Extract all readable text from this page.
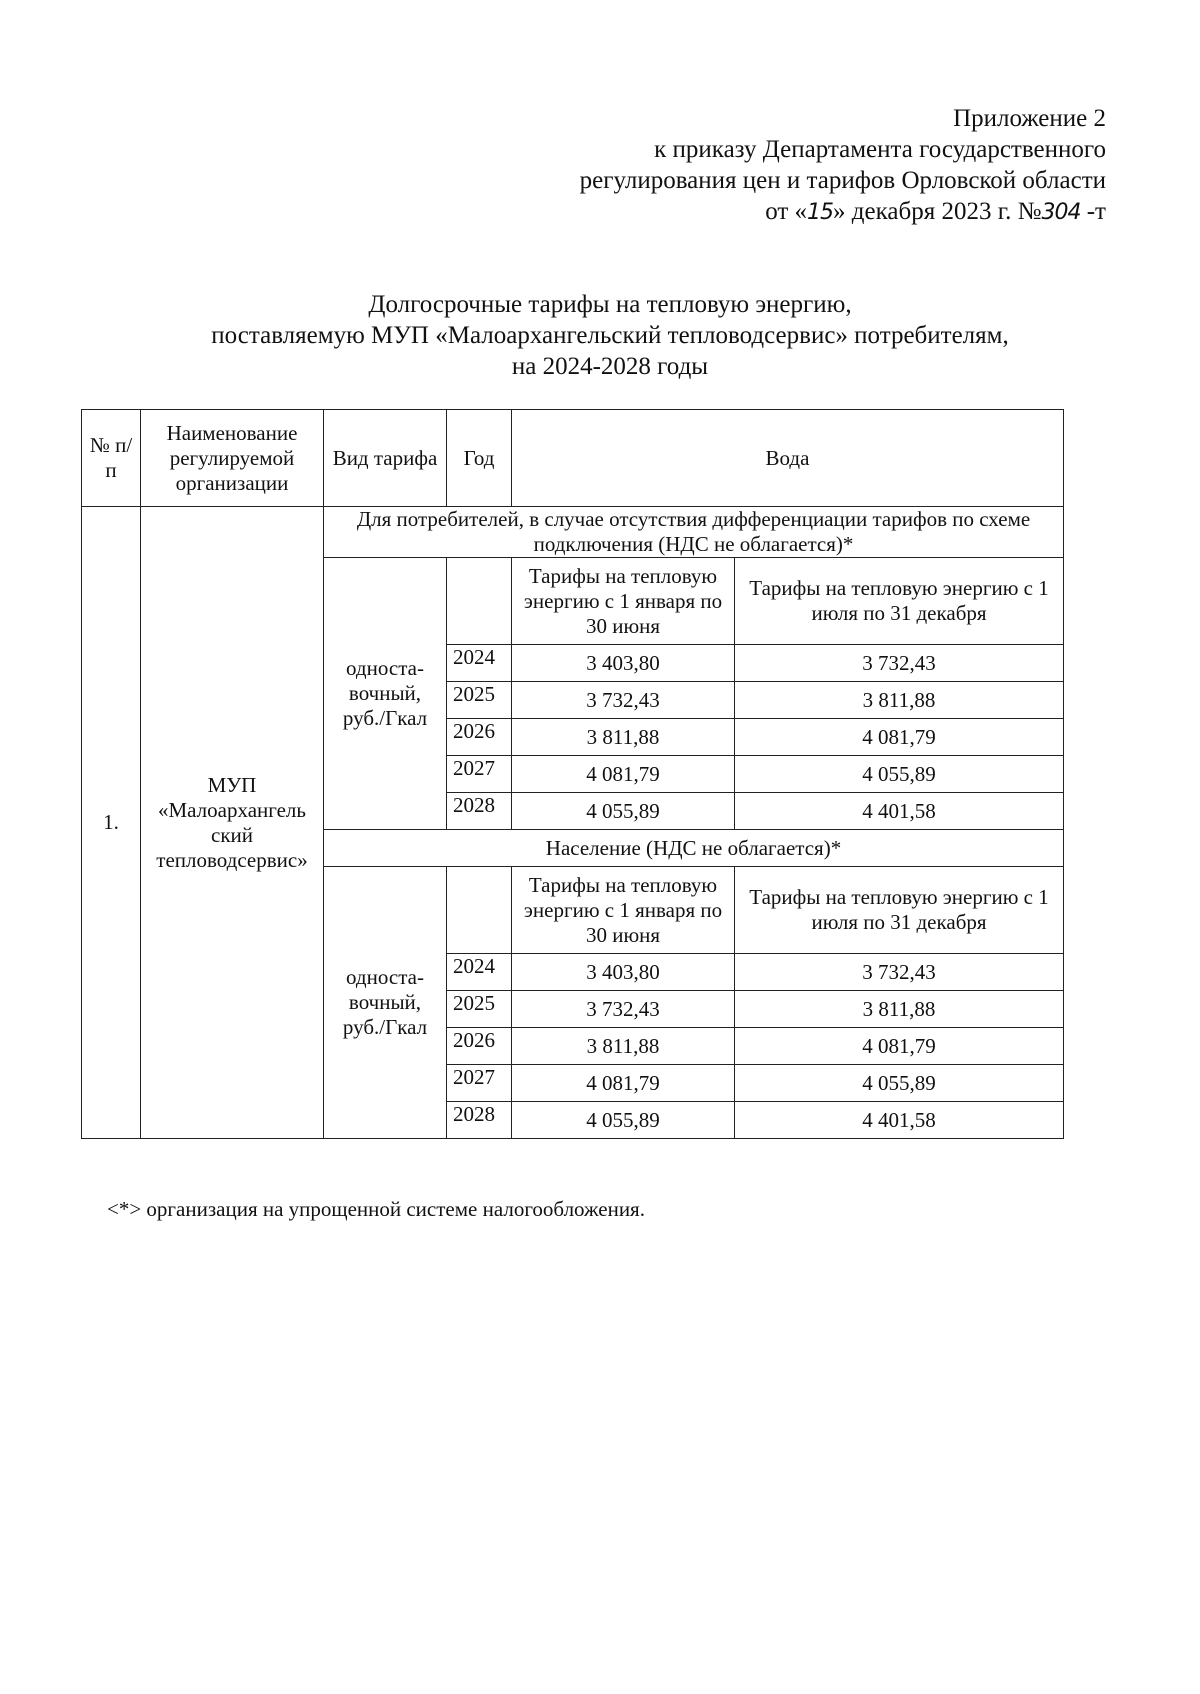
Приложение 2
к приказу Департамента государственного
регулирования цен и тарифов Орловской области
от «15» декабря 2023 г. №304 -т
Долгосрочные тарифы на тепловую энергию,
поставляемую МУП «Малоархангельский тепловодсервис» потребителям,
на 2024-2028 годы
№ п/п	Наименование регулируемой организации	Вид тарифа	Год	Вода	
1.	МУП «Малоархангель ский тепловодсервис»	Для потребителей, в случае отсутствия дифференциации тарифов по схеме подключения (НДС не облагается)*			
		односта- вочный, руб./Гкал		Тарифы на тепловую энергию с 1 января по 30 июня	Тарифы на тепловую энергию с 1 июля по 31 декабря
			2024	3 403,80	3 732,43
			2025	3 732,43	3 811,88
			2026	3 811,88	4 081,79
			2027	4 081,79	4 055,89
			2028	4 055,89	4 401,58
		Население (НДС не облагается)*			
		односта- вочный, руб./Гкал		Тарифы на тепловую энергию с 1 января по 30 июня	Тарифы на тепловую энергию с 1 июля по 31 декабря
			2024	3 403,80	3 732,43
			2025	3 732,43	3 811,88
			2026	3 811,88	4 081,79
			2027	4 081,79	4 055,89
			2028	4 055,89	4 401,58
<*> организация на упрощенной системе налогообложения.
